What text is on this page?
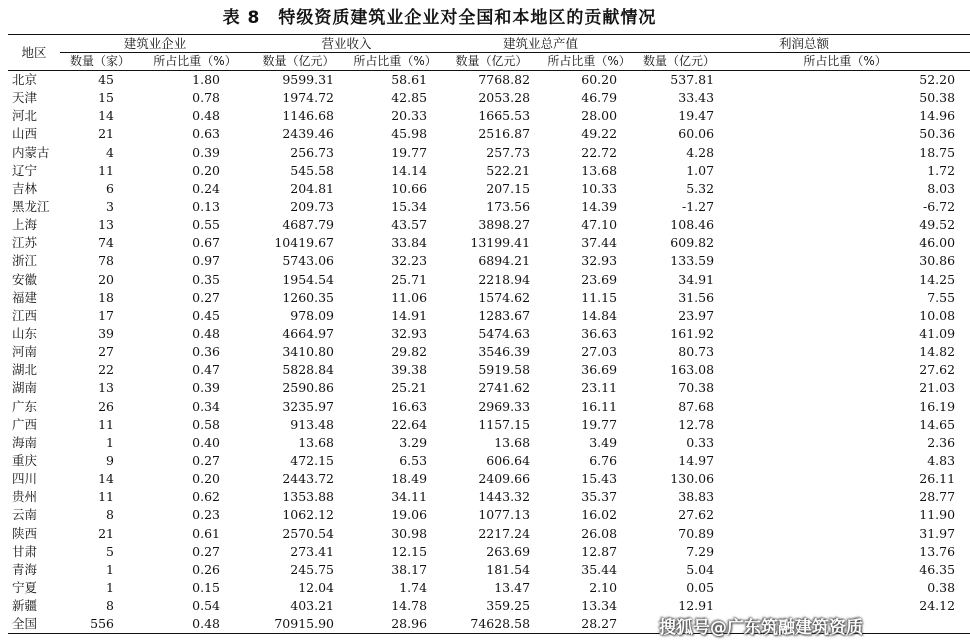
表 8　特级资质建筑业企业对全国和本地区的贡献情况
地区	建筑业企业		营业收入		建筑业总产值		利润总额	
	数量（家）	所占比重（%）	数量（亿元）	所占比重（%）	数量（亿元）	所占比重（%）	数量（亿元）	所占比重（%）
北京	45	1.80	9599.31	58.61	7768.82	60.20	537.81	52.20
天津	15	0.78	1974.72	42.85	2053.28	46.79	33.43	50.38
河北	14	0.48	1146.68	20.33	1665.53	28.00	19.47	14.96
山西	21	0.63	2439.46	45.98	2516.87	49.22	60.06	50.36
内蒙古	4	0.39	256.73	19.77	257.73	22.72	4.28	18.75
辽宁	11	0.20	545.58	14.14	522.21	13.68	1.07	1.72
吉林	6	0.24	204.81	10.66	207.15	10.33	5.32	8.03
黑龙江	3	0.13	209.73	15.34	173.56	14.39	-1.27	-6.72
上海	13	0.55	4687.79	43.57	3898.27	47.10	108.46	49.52
江苏	74	0.67	10419.67	33.84	13199.41	37.44	609.82	46.00
浙江	78	0.97	5743.06	32.23	6894.21	32.93	133.59	30.86
安徽	20	0.35	1954.54	25.71	2218.94	23.69	34.91	14.25
福建	18	0.27	1260.35	11.06	1574.62	11.15	31.56	7.55
江西	17	0.45	978.09	14.91	1283.67	14.84	23.97	10.08
山东	39	0.48	4664.97	32.93	5474.63	36.63	161.92	41.09
河南	27	0.36	3410.80	29.82	3546.39	27.03	80.73	14.82
湖北	22	0.47	5828.84	39.38	5919.58	36.69	163.08	27.62
湖南	13	0.39	2590.86	25.21	2741.62	23.11	70.38	21.03
广东	26	0.34	3235.97	16.63	2969.33	16.11	87.68	16.19
广西	11	0.58	913.48	22.64	1157.15	19.77	12.78	14.65
海南	1	0.40	13.68	3.29	13.68	3.49	0.33	2.36
重庆	9	0.27	472.15	6.53	606.64	6.76	14.97	4.83
四川	14	0.20	2443.72	18.49	2409.66	15.43	130.06	26.11
贵州	11	0.62	1353.88	34.11	1443.32	35.37	38.83	28.77
云南	8	0.23	1062.12	19.06	1077.13	16.02	27.62	11.90
陕西	21	0.61	2570.54	30.98	2217.24	26.08	70.89	31.97
甘肃	5	0.27	273.41	12.15	263.69	12.87	7.29	13.76
青海	1	0.26	245.75	38.17	181.54	35.44	5.04	46.35
宁夏	1	0.15	12.04	1.74	13.47	2.10	0.05	0.38
新疆	8	0.54	403.21	14.78	359.25	13.34	12.91	24.12
全国	556	0.48	70915.90	28.96	74628.58	28.27		搜狐号@广东筑融建筑资质
